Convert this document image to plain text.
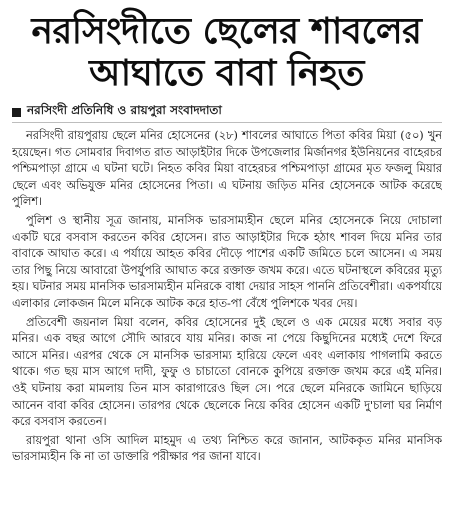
নরসিংদীতে ছেলের শাবলের
আঘাতে বাবা নিহত
নরসিংদী প্রতিনিধি ও রায়পুরা সংবাদদাতা

নরসিংদী রায়পুরায় ছেলে মনির হোসেনের (২৮) শাবলের আঘাতে পিতা কবির মিয়া (৫০) খুন হয়েছেন। গত সোমবার দিবাগত রাত আড়াইটার দিকে উপজেলার মির্জানগর ইউনিয়নের বাহেরচর পশ্চিমপাড়া গ্রামে এ ঘটনা ঘটে। নিহত কবির মিয়া বাহেরচর পশ্চিমপাড়া গ্রামের মৃত ফজলু মিয়ার ছেলে এবং অভিযুক্ত মনির হোসেনের পিতা। এ ঘটনায় জড়িত মনির হোসেনকে আটক করেছে পুলিশ।

পুলিশ ও স্থানীয় সূত্র জানায়, মানসিক ভারসাম্যহীন ছেলে মনির হোসেনকে নিয়ে দোচালা একটি ঘরে বসবাস করতেন কবির হোসেন। রাত আড়াইটার দিকে হঠাৎ শাবল দিয়ে মনির তার বাবাকে আঘাত করে। এ পর্যায়ে আহত কবির দৌড়ে পাশের একটি জমিতে চলে আসেন। এ সময় তার পিছু নিয়ে আবারো উপর্যুপরি আঘাত করে রক্তাক্ত জখম করে। এতে ঘটনাস্থলে কবিরের মৃত্যু হয়। ঘটনার সময় মানসিক ভারসাম্যহীন মনিরকে বাধা দেয়ার সাহস পাননি প্রতিবেশীরা। একপর্যায়ে এলাকার লোকজন মিলে মনিকে আটক করে হাত-পা বেঁধে পুলিশকে খবর দেয়।

প্রতিবেশী জয়নাল মিয়া বলেন, কবির হোসেনের দুই ছেলে ও এক মেয়ের মধ্যে সবার বড় মনির। এক বছর আগে সৌদি আরবে যায় মনির। কাজ না পেয়ে কিছুদিনের মধ্যেই দেশে ফিরে আসে মনির। এরপর থেকে সে মানসিক ভারসাম্য হারিয়ে ফেলে এবং এলাকায় পাগলামি করতে থাকে। গত ছয় মাস আগে দাদী, ফুফু ও চাচাতো বোনকে কুপিয়ে রক্তাক্ত জখম করে এই মনির। ওই ঘটনায় করা মামলায় তিন মাস কারাগারেও ছিল সে। পরে ছেলে মনিরকে জামিনে ছাড়িয়ে আনেন বাবা কবির হোসেন। তারপর থেকে ছেলেকে নিয়ে কবির হোসেন একটি দু'চালা ঘর নির্মাণ করে বসবাস করতেন।

রায়পুরা থানা ওসি আদিল মাহমুদ এ তথ্য নিশ্চিত করে জানান, আটককৃত মনির মানসিক ভারসাম্যহীন কি না তা ডাক্তারি পরীক্ষার পর জানা যাবে।
